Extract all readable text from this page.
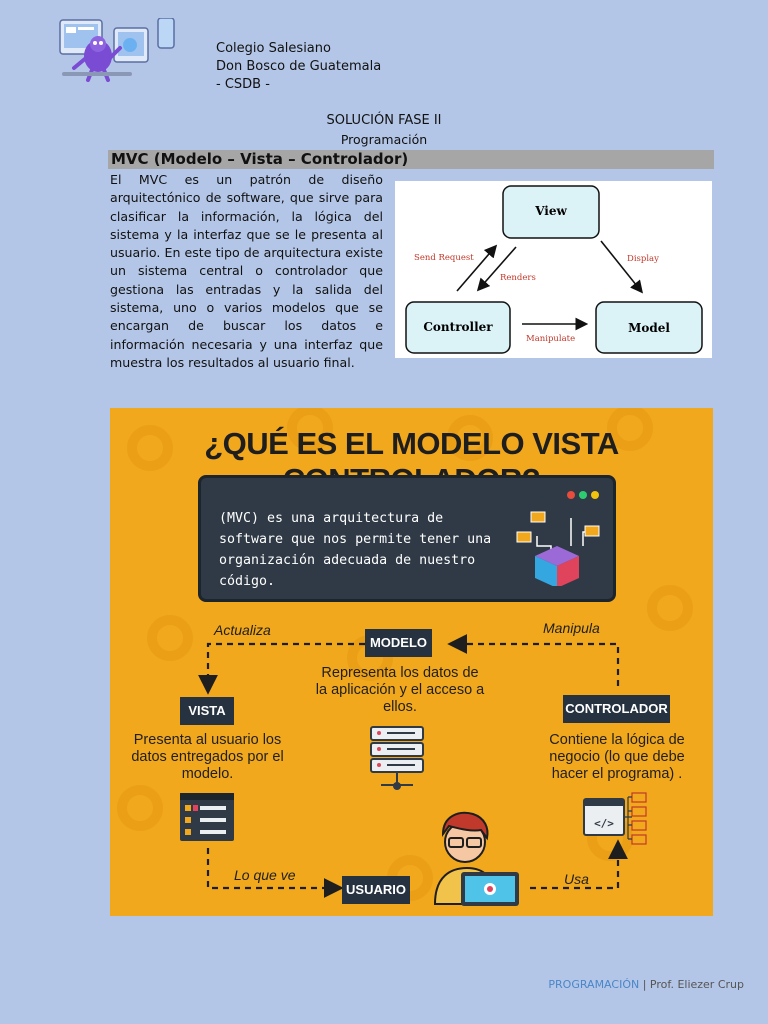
Colegio Salesiano
Don Bosco de Guatemala
- CSDB -
SOLUCIÓN FASE II
Programación
MVC (Modelo – Vista – Controlador)
El MVC es un patrón de diseño arquitectónico de software, que sirve para clasificar la información, la lógica del sistema y la interfaz que se le presenta al usuario. En este tipo de arquitectura existe un sistema central o controlador que gestiona las entradas y la salida del sistema, uno o varios modelos que se encargan de buscar los datos e información necesaria y una interfaz que muestra los resultados al usuario final.
View
Controller	Model
Send Request
Renders
Display
Manipulate
¿QUÉ ES EL MODELO VISTA
(MVC) es una arquitectura de software que nos permite tener una organización adecuada de nuestro código.
Actualiza	Manipula
Lo que ve	Usa
MODELO
Representa los datos de la aplicación y el acceso a ellos.
VISTA
Presenta al usuario los datos entregados por el modelo.
CONTROLADOR
Contiene la lógica de negocio (lo que debe hacer el programa) .
USUARIO
</>
PROGRAMACIÓN | Prof. Eliezer Crup
